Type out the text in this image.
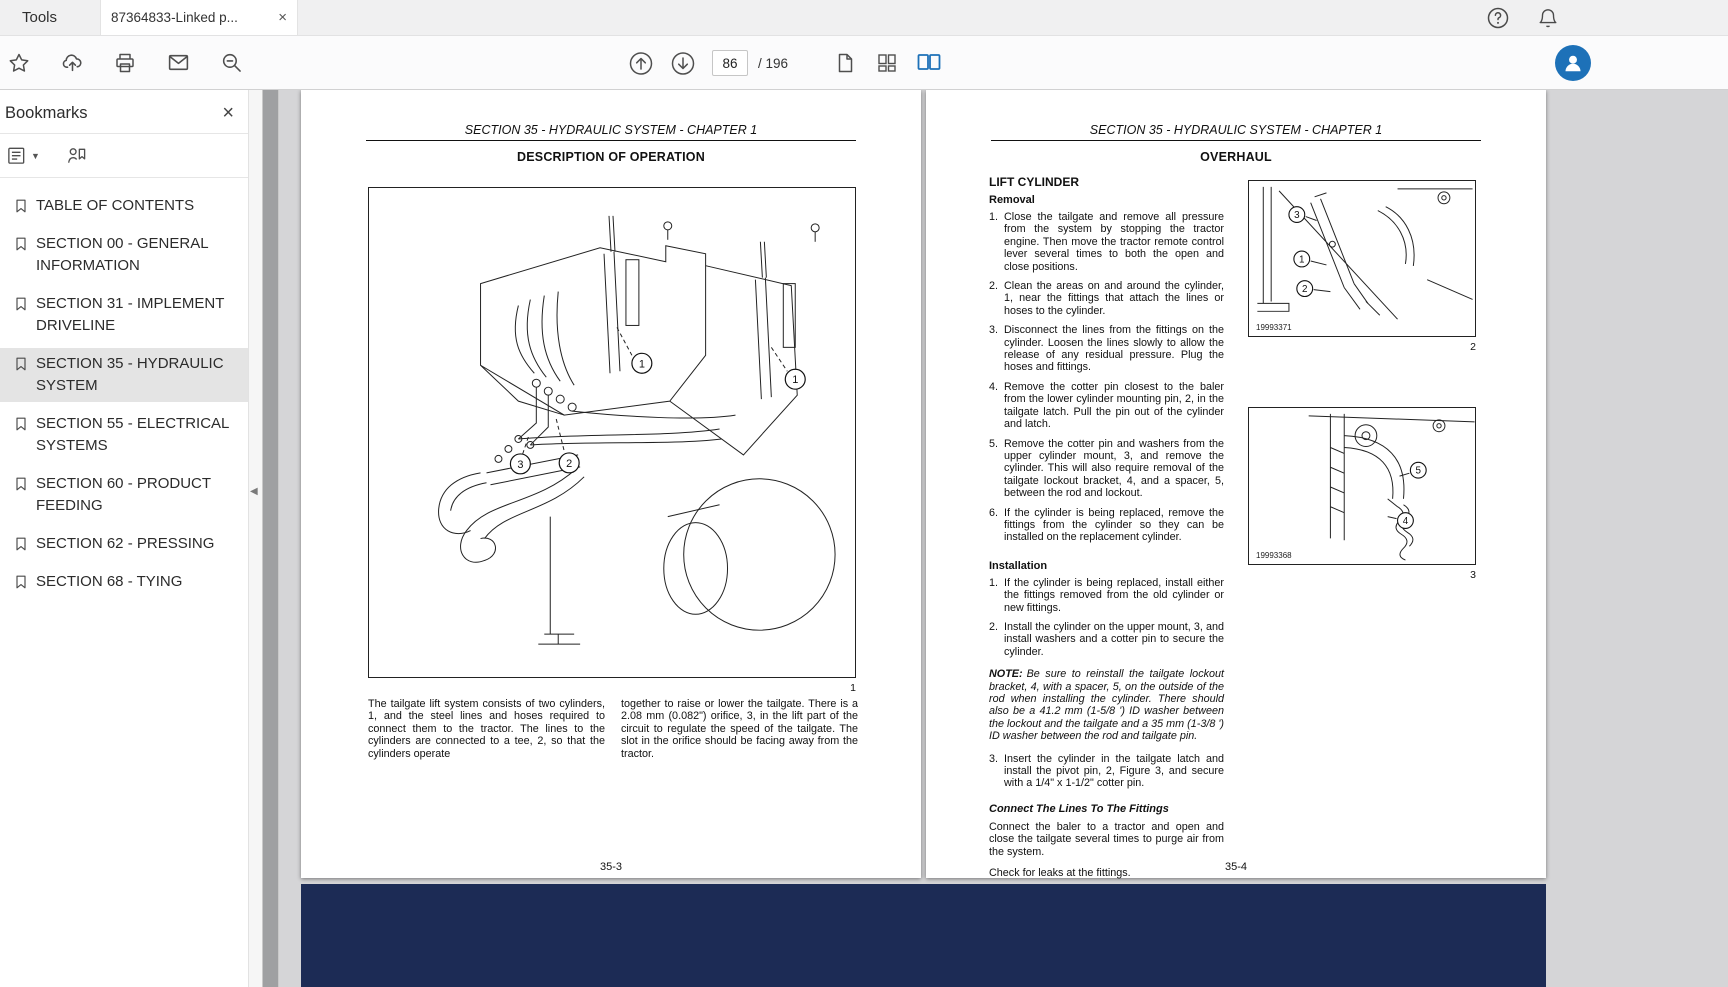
Tools	87364833-Linked p...	×
86
/ 196
Bookmarks	×
▼
TABLE OF CONTENTS
SECTION 00 - GENERAL INFORMATION
SECTION 31 - IMPLEMENT DRIVELINE
SECTION 35 - HYDRAULIC SYSTEM
SECTION 55 - ELECTRICAL SYSTEMS
SECTION 60 - PRODUCT FEEDING
SECTION 62 - PRESSING
SECTION 68 - TYING
◀
SECTION 35 - HYDRAULIC SYSTEM - CHAPTER 1
DESCRIPTION OF OPERATION
1
1
2
3
1

The tailgate lift system consists of two cylinders, 1, and the steel lines and hoses required to connect them to the tractor. The lines to the cylinders are connected to a tee, 2, so that the cylinders operate

together to raise or lower the tailgate. There is a 2.08 mm (0.082") orifice, 3, in the lift part of the circuit to regulate the speed of the tailgate. The slot in the orifice should be facing away from the tractor.

35-3
SECTION 35 - HYDRAULIC SYSTEM - CHAPTER 1
OVERHAUL
LIFT CYLINDER
Removal
1. Close the tailgate and remove all pressure from the system by stopping the tractor engine. Then move the tractor remote control lever several times to both the open and close positions.
2. Clean the areas on and around the cylinder, 1, near the fittings that attach the lines or hoses to the cylinder.
3. Disconnect the lines from the fittings on the cylinder. Loosen the lines slowly to allow the release of any residual pressure. Plug the hoses and fittings.
4. Remove the cotter pin closest to the baler from the lower cylinder mounting pin, 2, in the tailgate latch. Pull the pin out of the cylinder and latch.
5. Remove the cotter pin and washers from the upper cylinder mount, 3, and remove the cylinder. This will also require removal of the tailgate lockout bracket, 4, and a spacer, 5, between the rod and lockout.
6. If the cylinder is being replaced, remove the fittings from the cylinder so they can be installed on the replacement cylinder.
Installation
1. If the cylinder is being replaced, install either the fittings removed from the old cylinder or new fittings.
2. Install the cylinder on the upper mount, 3, and install washers and a cotter pin to secure the cylinder.

NOTE: Be sure to reinstall the tailgate lockout bracket, 4, with a spacer, 5, on the outside of the rod when installing the cylinder. There should also be a 41.2 mm (1-5/8 ') ID washer between the lockout and the tailgate and a 35 mm (1-3/8 ') ID washer between the rod and tailgate pin.

3. Insert the cylinder in the tailgate latch and install the pivot pin, 2, Figure 3, and secure with a 1/4" x 1-1/2" cotter pin.
Connect The Lines To The Fittings

Connect the baler to a tractor and open and close the tailgate several times to purge air from the system.

Check for leaks at the fittings.

3
1
2
19993371
2
5
4
19993368
3
35-4
